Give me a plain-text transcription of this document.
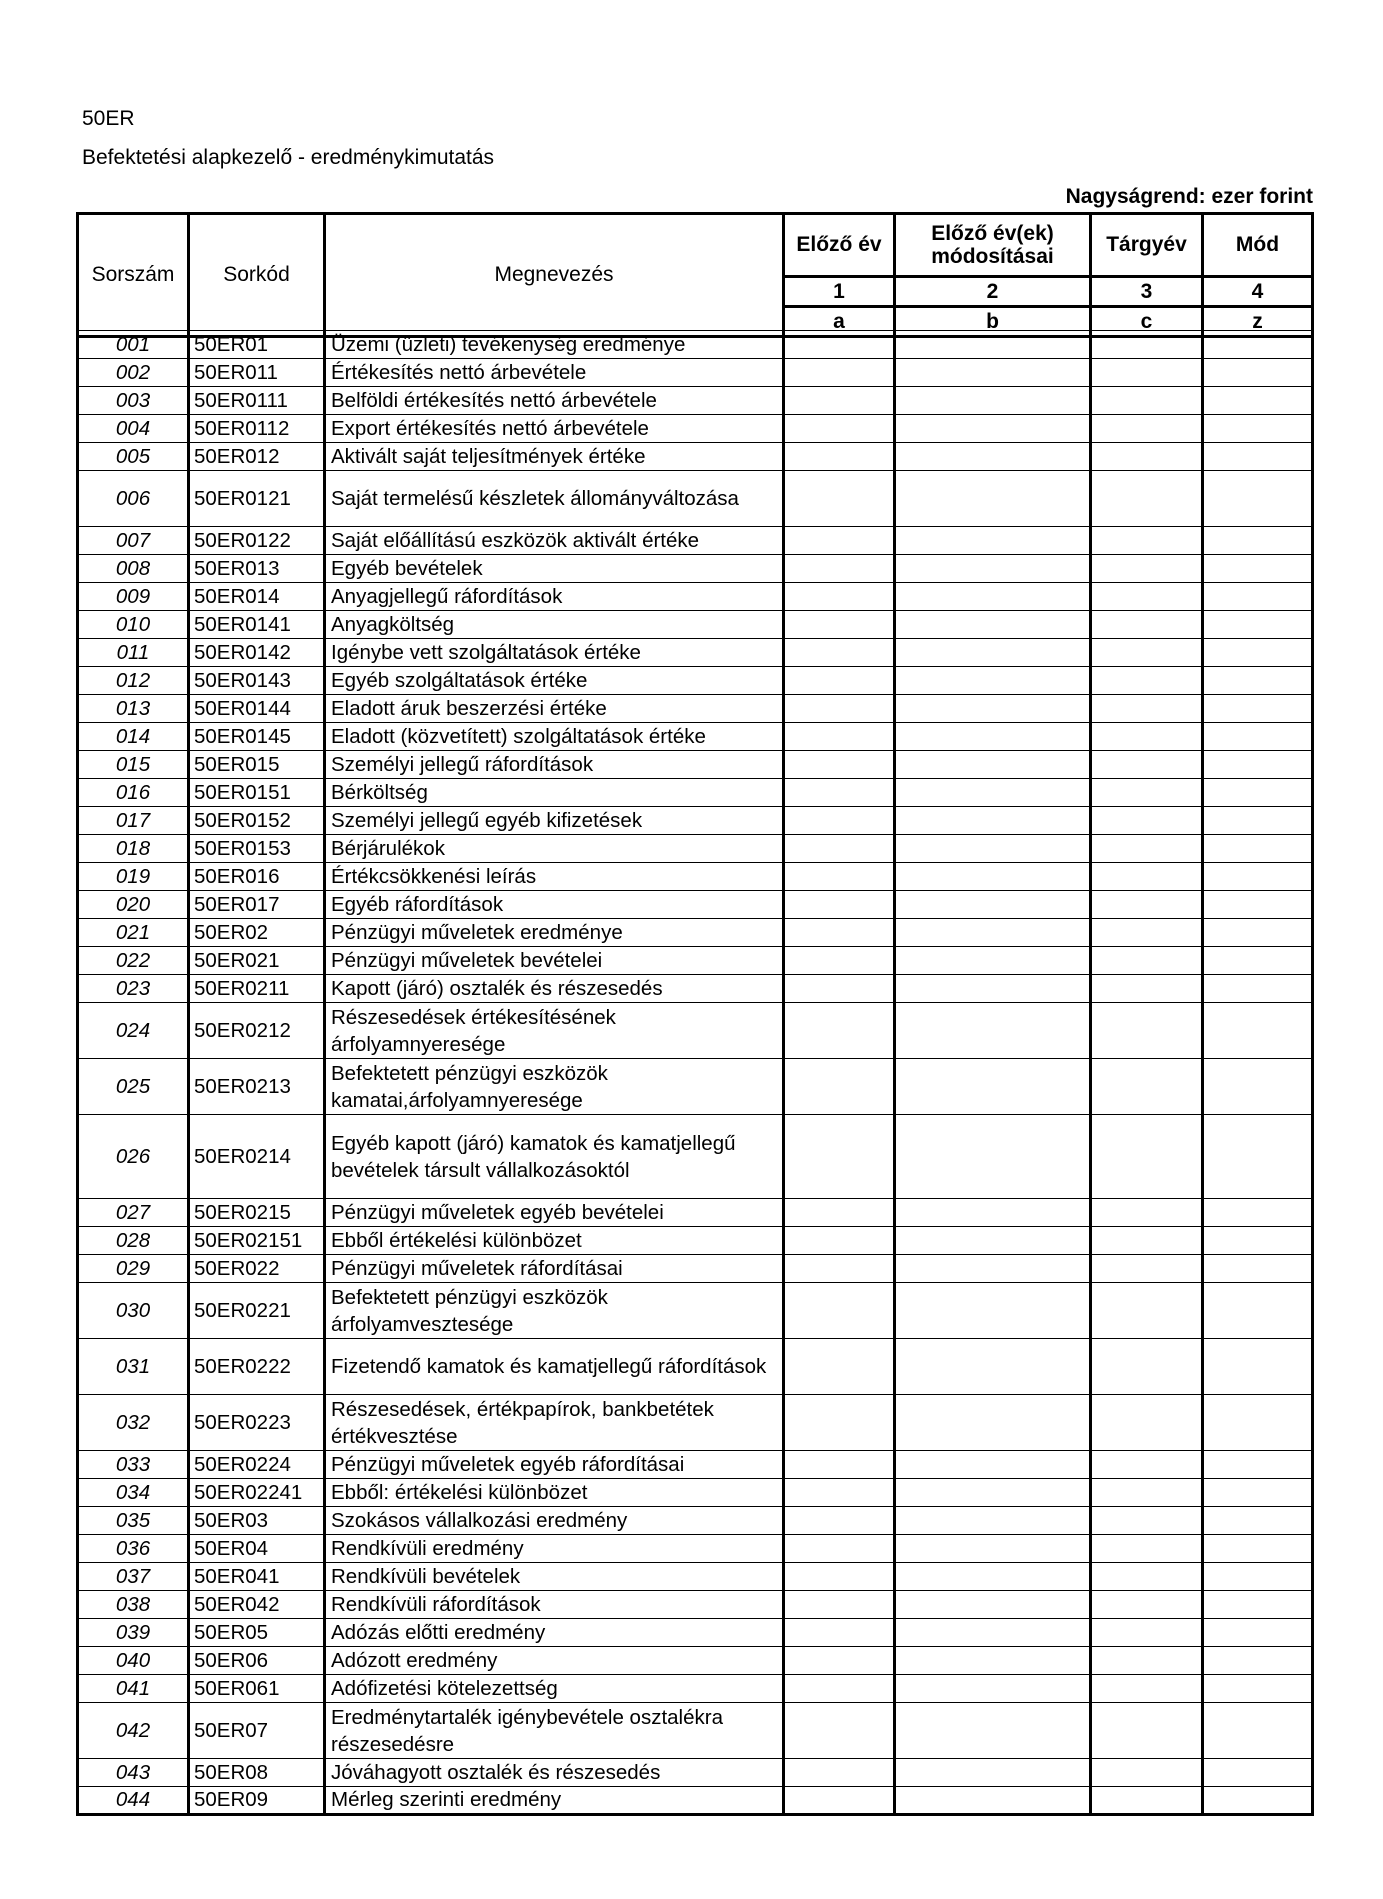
50ER
Befektetési alapkezelő - eredménykimutatás
Nagyságrend: ezer forint
Sorszám	Sorkód	Megnevezés	Előző év	Előző év(ek)
módosításai	Tárgyév	Mód
			1	2	3	4
			a	b	c	z
001	50ER01	Üzemi (üzleti) tevékenység eredménye				
002	50ER011	Értékesítés nettó árbevétele				
003	50ER0111	Belföldi értékesítés nettó árbevétele				
004	50ER0112	Export értékesítés nettó árbevétele				
005	50ER012	Aktivált saját teljesítmények értéke				
006	50ER0121	Saját termelésű készletek állományváltozása				
007	50ER0122	Saját előállítású eszközök aktivált értéke				
008	50ER013	Egyéb bevételek				
009	50ER014	Anyagjellegű ráfordítások				
010	50ER0141	Anyagköltség				
011	50ER0142	Igénybe vett szolgáltatások értéke				
012	50ER0143	Egyéb szolgáltatások értéke				
013	50ER0144	Eladott áruk beszerzési értéke				
014	50ER0145	Eladott (közvetített) szolgáltatások értéke				
015	50ER015	Személyi jellegű ráfordítások				
016	50ER0151	Bérköltség				
017	50ER0152	Személyi jellegű egyéb kifizetések				
018	50ER0153	Bérjárulékok				
019	50ER016	Értékcsökkenési leírás				
020	50ER017	Egyéb ráfordítások				
021	50ER02	Pénzügyi műveletek eredménye				
022	50ER021	Pénzügyi műveletek bevételei				
023	50ER0211	Kapott (járó) osztalék és részesedés				
024	50ER0212	Részesedések értékesítésének árfolyamnyeresége				
025	50ER0213	Befektetett pénzügyi eszközök kamatai,árfolyamnyeresége				
026	50ER0214	Egyéb kapott (járó) kamatok és kamatjellegű bevételek társult vállalkozásoktól				
027	50ER0215	Pénzügyi műveletek egyéb bevételei				
028	50ER02151	Ebből értékelési különbözet				
029	50ER022	Pénzügyi műveletek ráfordításai				
030	50ER0221	Befektetett pénzügyi eszközök árfolyamvesztesége				
031	50ER0222	Fizetendő kamatok és kamatjellegű ráfordítások				
032	50ER0223	Részesedések, értékpapírok, bankbetétek értékvesztése				
033	50ER0224	Pénzügyi műveletek egyéb ráfordításai				
034	50ER02241	Ebből: értékelési különbözet				
035	50ER03	Szokásos vállalkozási eredmény				
036	50ER04	Rendkívüli eredmény				
037	50ER041	Rendkívüli bevételek				
038	50ER042	Rendkívüli ráfordítások				
039	50ER05	Adózás előtti eredmény				
040	50ER06	Adózott eredmény				
041	50ER061	Adófizetési kötelezettség				
042	50ER07	Eredménytartalék igénybevétele osztalékra részesedésre				
043	50ER08	Jóváhagyott osztalék és részesedés				
044	50ER09	Mérleg szerinti eredmény				
